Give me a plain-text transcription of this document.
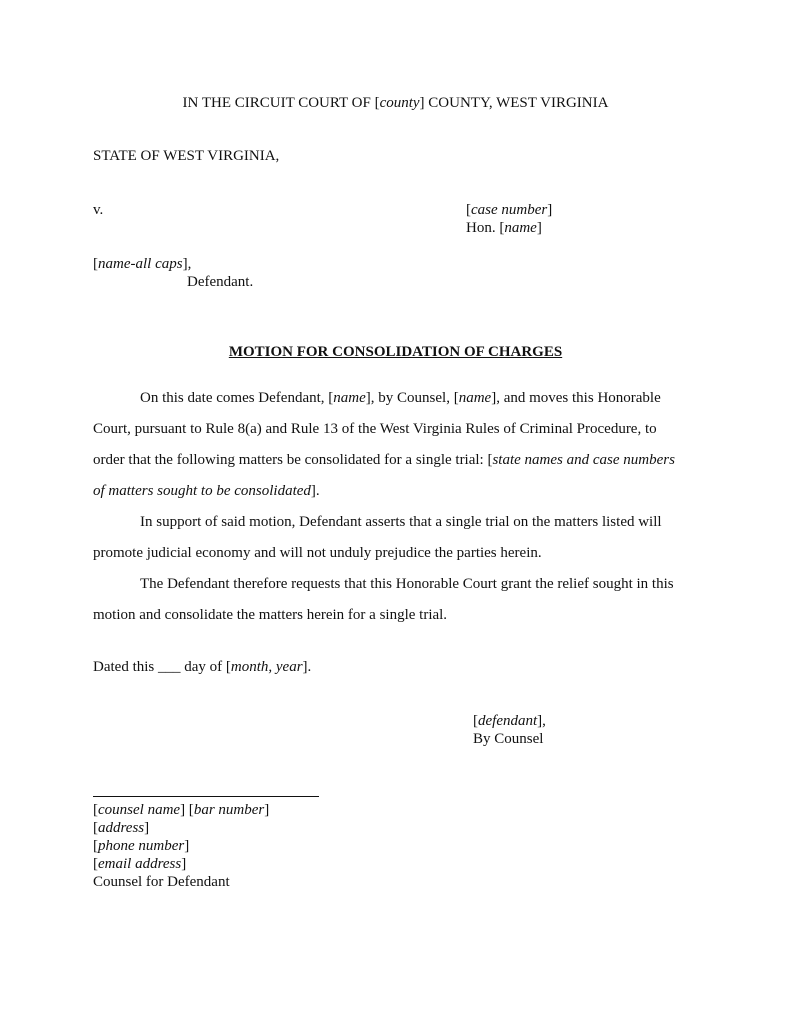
IN THE CIRCUIT COURT OF [county] COUNTY, WEST VIRGINIA
STATE OF WEST VIRGINIA,
v.	[case number]
Hon. [name]
[name-all caps],
Defendant.
MOTION FOR CONSOLIDATION OF CHARGES

On this date comes Defendant, [name], by Counsel, [name], and moves this Honorable

Court, pursuant to Rule 8(a) and Rule 13 of the West Virginia Rules of Criminal Procedure, to

order that the following matters be consolidated for a single trial: [state names and case numbers

of matters sought to be consolidated].

In support of said motion, Defendant asserts that a single trial on the matters listed will

promote judicial economy and will not unduly prejudice the parties herein.

The Defendant therefore requests that this Honorable Court grant the relief sought in this

motion and consolidate the matters herein for a single trial.

Dated this ___ day of [month, year].
[defendant],
By Counsel
[counsel name] [bar number]
[address]
[phone number]
[email address]
Counsel for Defendant
